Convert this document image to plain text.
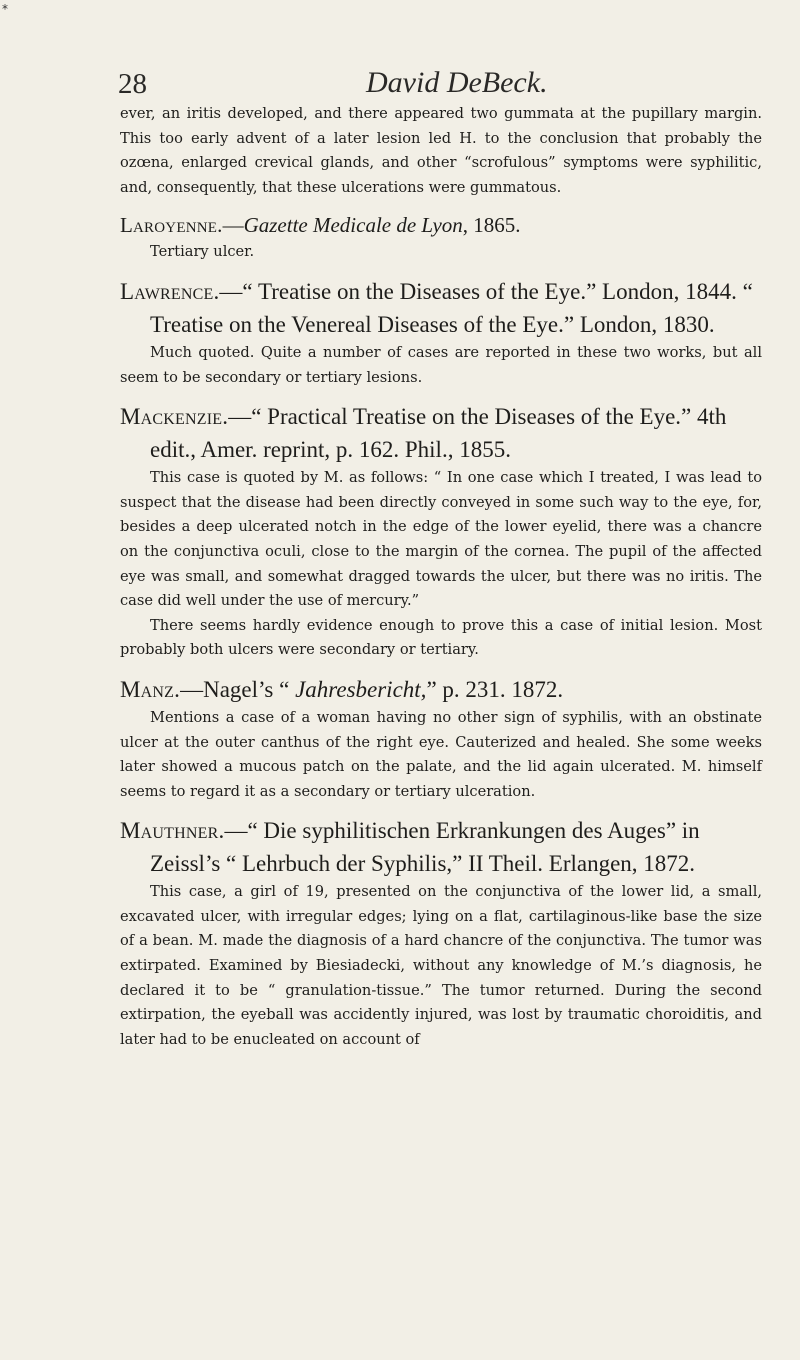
*
28	David DeBeck.

ever, an iritis developed, and there appeared two gummata at the pupillary margin. This too early advent of a later lesion led H. to the conclusion that probably the ozœna, enlarged crevical glands, and other “scrofulous” symptoms were syphilitic, and, consequently, that these ulcerations were gummatous.

Laroyenne.—Gazette Medicale de Lyon, 1865.

Tertiary ulcer.

Lawrence.—“ Treatise on the Diseases of the Eye.” London, 1844. “ Treatise on the Venereal Diseases of the Eye.” London, 1830.

Much quoted. Quite a number of cases are reported in these two works, but all seem to be secondary or tertiary lesions.

Mackenzie.—“ Practical Treatise on the Diseases of the Eye.” 4th edit., Amer. reprint, p. 162. Phil., 1855.

This case is quoted by M. as follows: “ In one case which I treated, I was lead to suspect that the disease had been directly conveyed in some such way to the eye, for, besides a deep ulcerated notch in the edge of the lower eyelid, there was a chancre on the conjunctiva oculi, close to the margin of the cornea. The pupil of the affected eye was small, and somewhat dragged towards the ulcer, but there was no iritis. The case did well under the use of mercury.”

There seems hardly evidence enough to prove this a case of initial lesion. Most probably both ulcers were secondary or tertiary.

Manz.—Nagel’s “ Jahresbericht,” p. 231. 1872.

Mentions a case of a woman having no other sign of syphilis, with an obstinate ulcer at the outer canthus of the right eye. Cauterized and healed. She some weeks later showed a mucous patch on the palate, and the lid again ulcerated. M. himself seems to regard it as a secondary or tertiary ulceration.

Mauthner.—“ Die syphilitischen Erkrankungen des Auges” in Zeissl’s “ Lehrbuch der Syphilis,” II Theil. Erlangen, 1872.

This case, a girl of 19, presented on the conjunctiva of the lower lid, a small, excavated ulcer, with irregular edges; lying on a flat, cartilaginous-like base the size of a bean. M. made the diagnosis of a hard chancre of the conjunctiva. The tumor was extirpated. Examined by Biesiadecki, without any knowledge of M.’s diagnosis, he declared it to be “ granulation-tissue.” The tumor returned. During the second extirpation, the eyeball was accidently injured, was lost by traumatic choroiditis, and later had to be enucleated on account of
